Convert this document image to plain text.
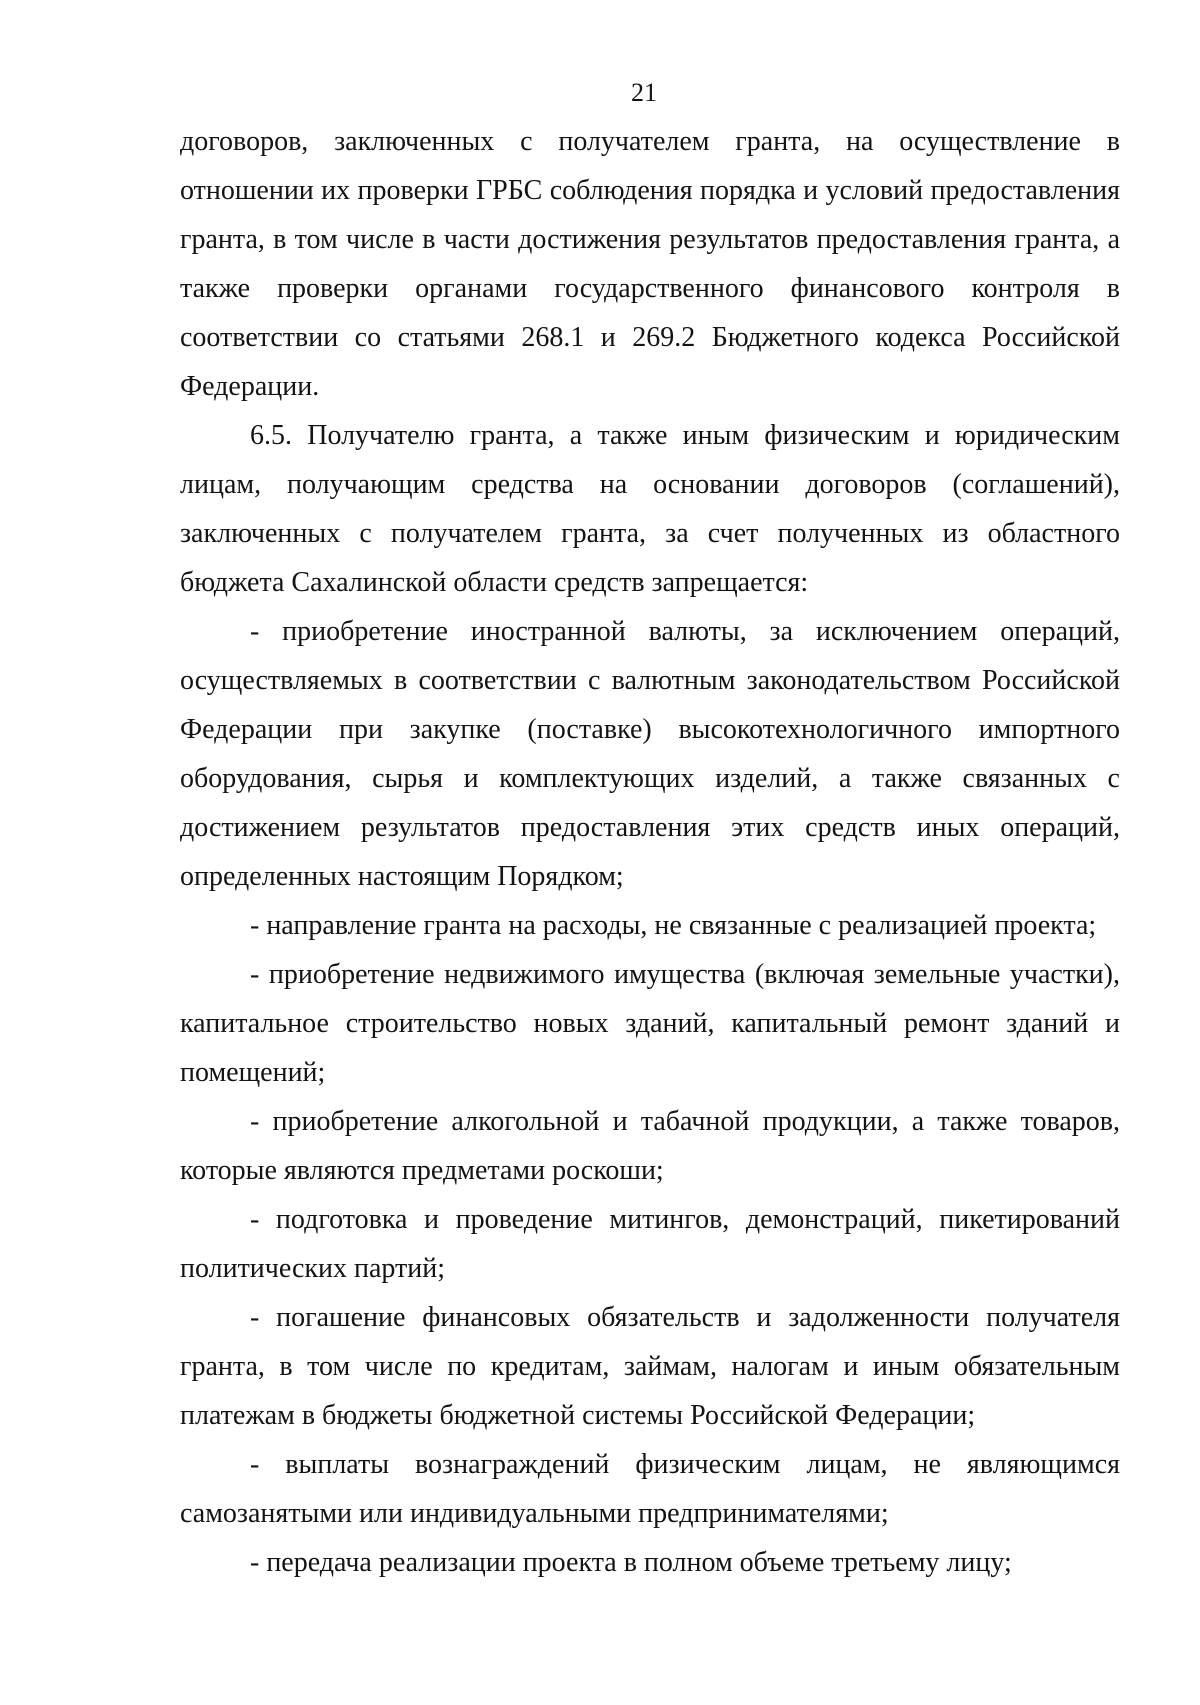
21

договоров, заключенных с получателем гранта, на осуществление в отношении их проверки ГРБС соблюдения порядка и условий предоставления гранта, в том числе в части достижения результатов предоставления гранта, а также проверки органами государственного финансового контроля в соответствии со статьями 268.1 и 269.2 Бюджетного кодекса Российской Федерации.

6.5. Получателю гранта, а также иным физическим и юридическим лицам, получающим средства на основании договоров (соглашений), заключенных с получателем гранта, за счет полученных из областного бюджета Сахалинской области средств запрещается:

- приобретение иностранной валюты, за исключением операций, осуществляемых в соответствии с валютным законодательством Российской Федерации при закупке (поставке) высокотехнологичного импортного оборудования, сырья и комплектующих изделий, а также связанных с достижением результатов предоставления этих средств иных операций, определенных настоящим Порядком;

- направление гранта на расходы, не связанные с реализацией проекта;

- приобретение недвижимого имущества (включая земельные участки), капитальное строительство новых зданий, капитальный ремонт зданий и помещений;

- приобретение алкогольной и табачной продукции, а также товаров, которые являются предметами роскоши;

- подготовка и проведение митингов, демонстраций, пикетирований политических партий;

- погашение финансовых обязательств и задолженности получателя гранта, в том числе по кредитам, займам, налогам и иным обязательным платежам в бюджеты бюджетной системы Российской Федерации;

- выплаты вознаграждений физическим лицам, не являющимся самозанятыми или индивидуальными предпринимателями;

- передача реализации проекта в полном объеме третьему лицу;
